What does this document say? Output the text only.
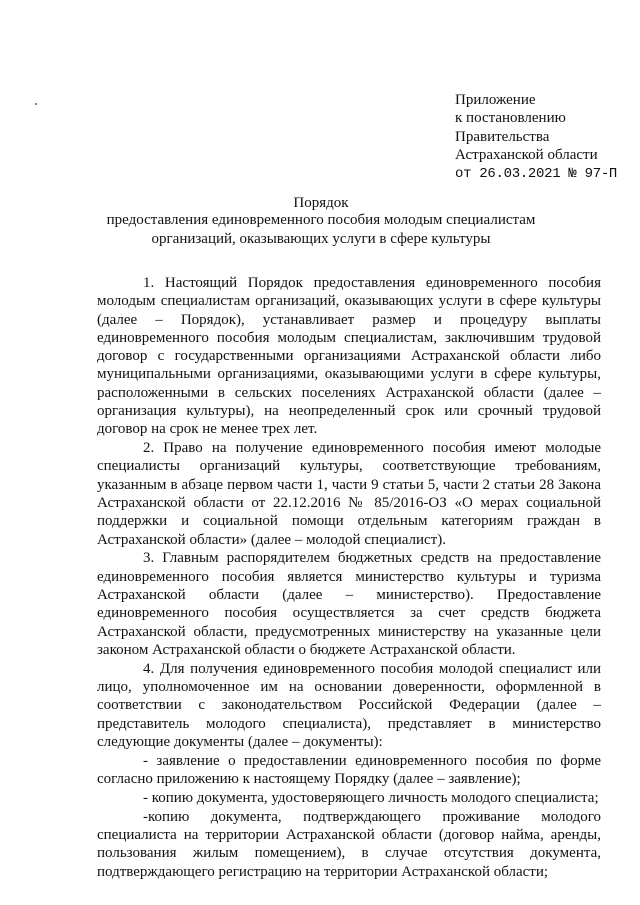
Приложение
к постановлению
Правительства
Астраханской области
от 26.03.2021 № 97-П
Порядок
предоставления единовременного пособия молодым специалистам организаций, оказывающих услуги в сфере культуры

1. Настоящий Порядок предоставления единовременного пособия молодым специалистам организаций, оказывающих услуги в сфере культуры (далее – Порядок), устанавливает размер и процедуру выплаты единовременного пособия молодым специалистам, заключившим трудовой договор с государственными организациями Астраханской области либо муниципальными организациями, оказывающими услуги в сфере культуры, расположенными в сельских поселениях Астраханской области (далее – организация культуры), на неопределенный срок или срочный трудовой договор на срок не менее трех лет.

2. Право на получение единовременного пособия имеют молодые специалисты организаций культуры, соответствующие требованиям, указанным в абзаце первом части 1, части 9 статьи 5, части 2 статьи 28 Закона Астраханской области от 22.12.2016 № 85/2016-ОЗ «О мерах социальной поддержки и социальной помощи отдельным категориям граждан в Астраханской области» (далее – молодой специалист).

3. Главным распорядителем бюджетных средств на предоставление единовременного пособия является министерство культуры и туризма Астраханской области (далее – министерство). Предоставление единовременного пособия осуществляется за счет средств бюджета Астраханской области, предусмотренных министерству на указанные цели законом Астраханской области о бюджете Астраханской области.

4. Для получения единовременного пособия молодой специалист или лицо, уполномоченное им на основании доверенности, оформленной в соответствии с законодательством Российской Федерации (далее – представитель молодого специалиста), представляет в министерство следующие документы (далее – документы):

- заявление о предоставлении единовременного пособия по форме согласно приложению к настоящему Порядку (далее – заявление);

- копию документа, удостоверяющего личность молодого специалиста;

-копию документа, подтверждающего проживание молодого специалиста на территории Астраханской области (договор найма, аренды, пользования жилым помещением), в случае отсутствия документа, подтверждающего регистрацию на территории Астраханской области;
